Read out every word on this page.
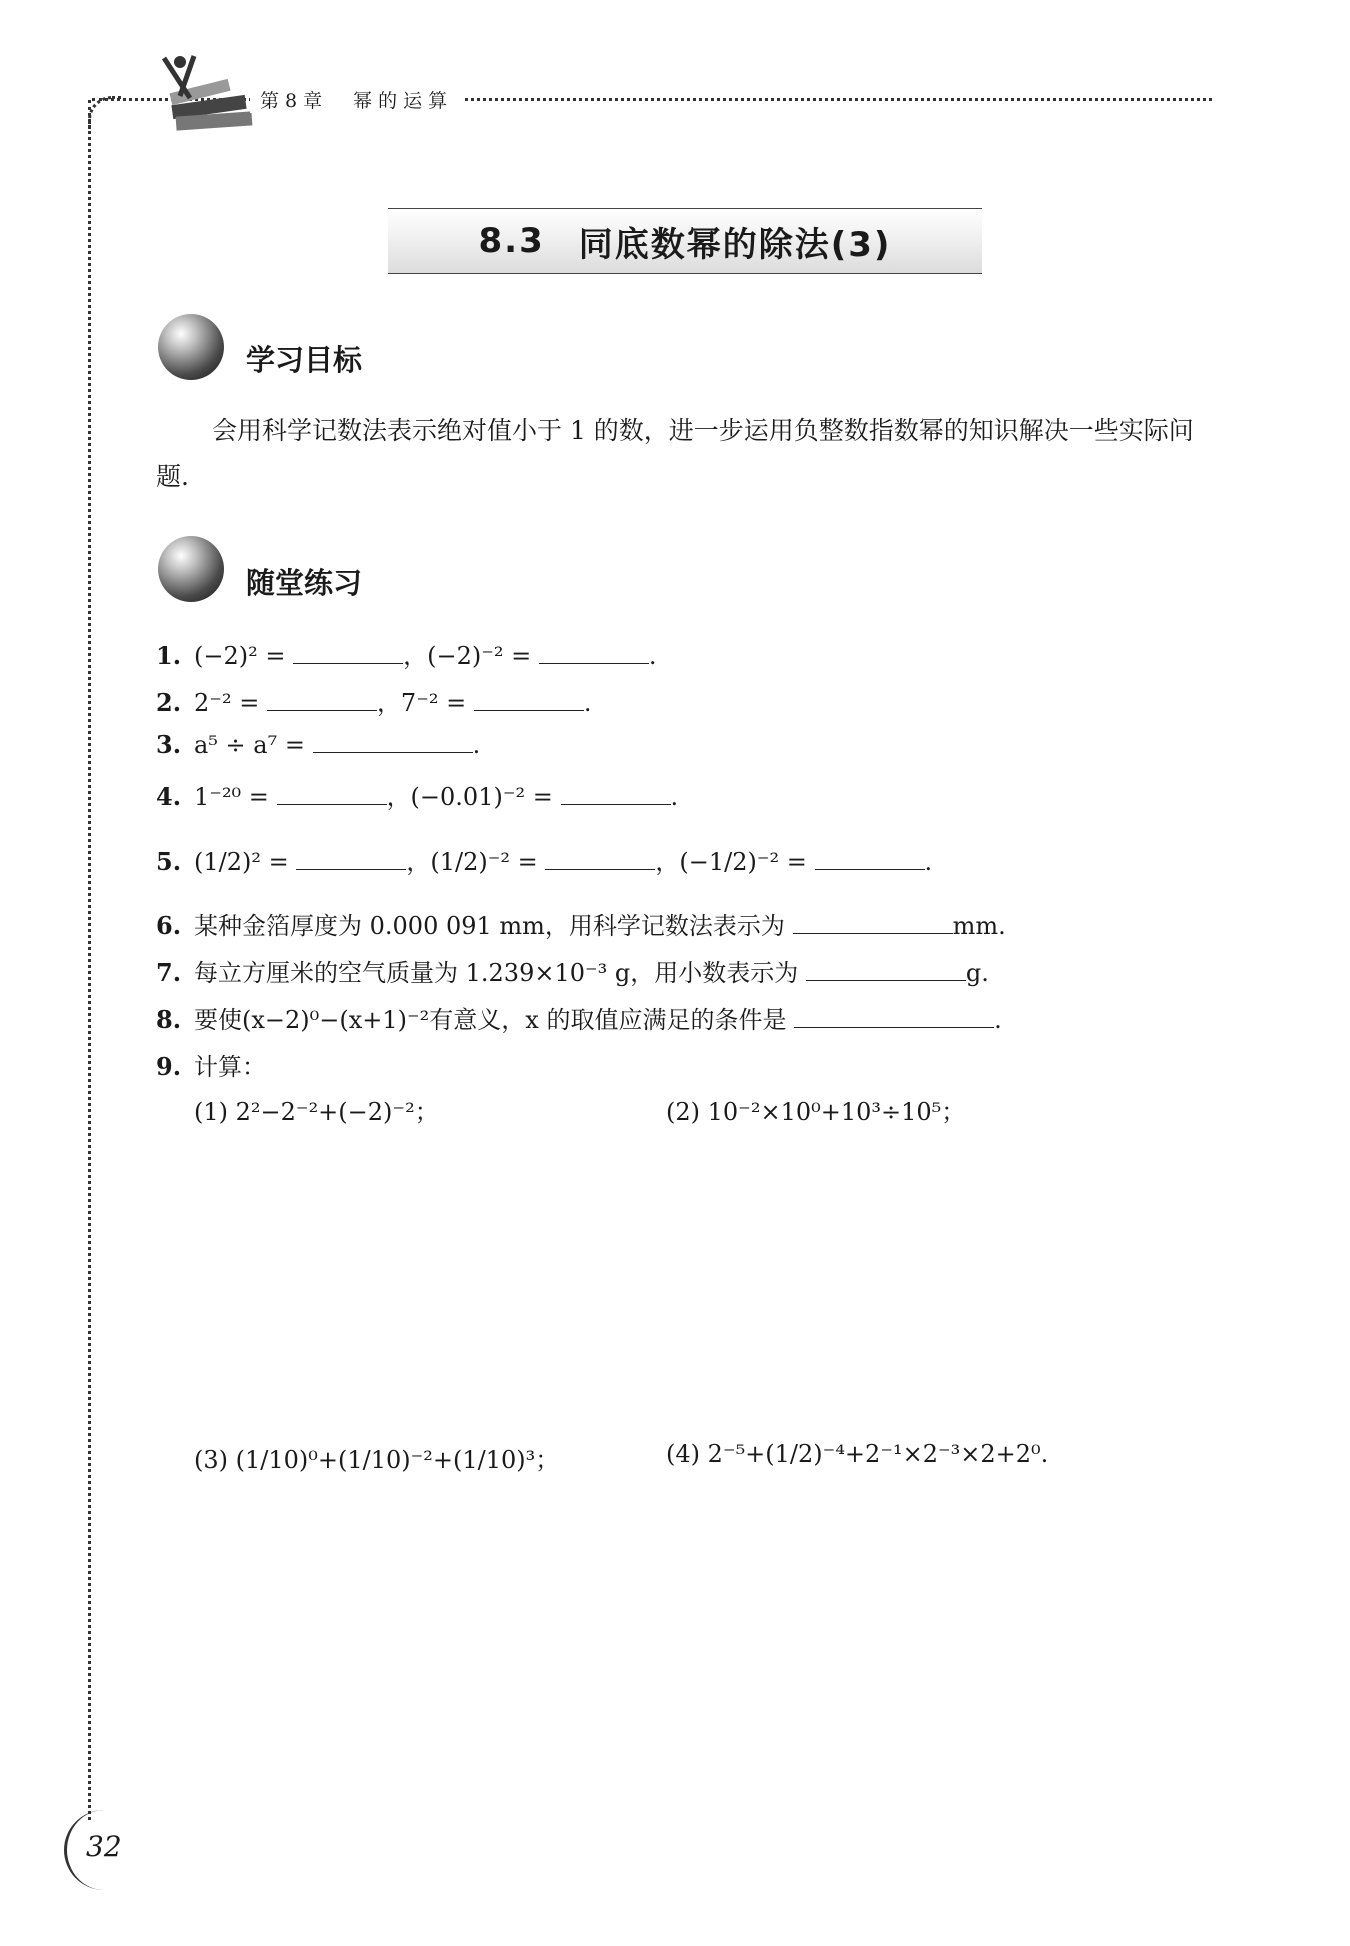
第8章　幂的运算
8.3 同底数幂的除法(3)
学习目标
会用科学记数法表示绝对值小于 1 的数，进一步运用负整数指数幂的知识解决一些实际问题.
随堂练习
1. (−2)² =	，(−2)⁻² =	.
2. 2⁻² =	，7⁻² =	.
3. a⁵ ÷ a⁷ =	.
4. 1⁻²⁰ =	，(−0.01)⁻² =	.
5. (1/2)² =	，(1/2)⁻² =	，(−1/2)⁻² =	.
6. 某种金箔厚度为 0.000 091 mm，用科学记数法表示为	mm.
7. 每立方厘米的空气质量为 1.239×10⁻³ g，用小数表示为	g.
8. 要使(x−2)⁰−(x+1)⁻²有意义，x 的取值应满足的条件是	.
9. 计算：
(1) 2²−2⁻²+(−2)⁻²；	(2) 10⁻²×10⁰+10³÷10⁵；
(3) (1/10)⁰+(1/10)⁻²+(1/10)³；	(4) 2⁻⁵+(1/2)⁻⁴+2⁻¹×2⁻³×2+2⁰.
32
